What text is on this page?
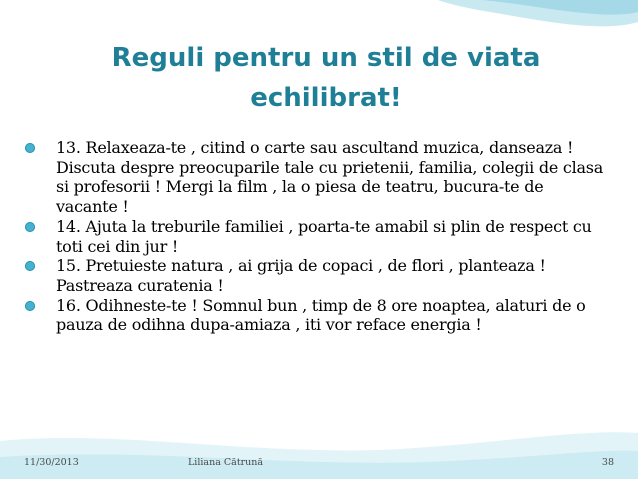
Reguli pentru un stil de viata echilibrat!
13. Relaxeaza-te , citind o carte sau ascultand muzica, danseaza ! Discuta despre preocuparile tale cu prietenii, familia, colegii de clasa si profesorii ! Mergi la film , la o piesa de teatru, bucura-te de vacante !
14. Ajuta la treburile familiei , poarta-te amabil si plin de respect cu toti cei din jur !
15. Pretuieste natura , ai grija de copaci , de flori , planteaza ! Pastreaza curatenia !
16. Odihneste-te ! Somnul bun , timp de 8 ore noaptea, alaturi de o pauza de odihna dupa-amiaza , iti vor reface energia !
11/30/2013	Liliana Cătrună	38
